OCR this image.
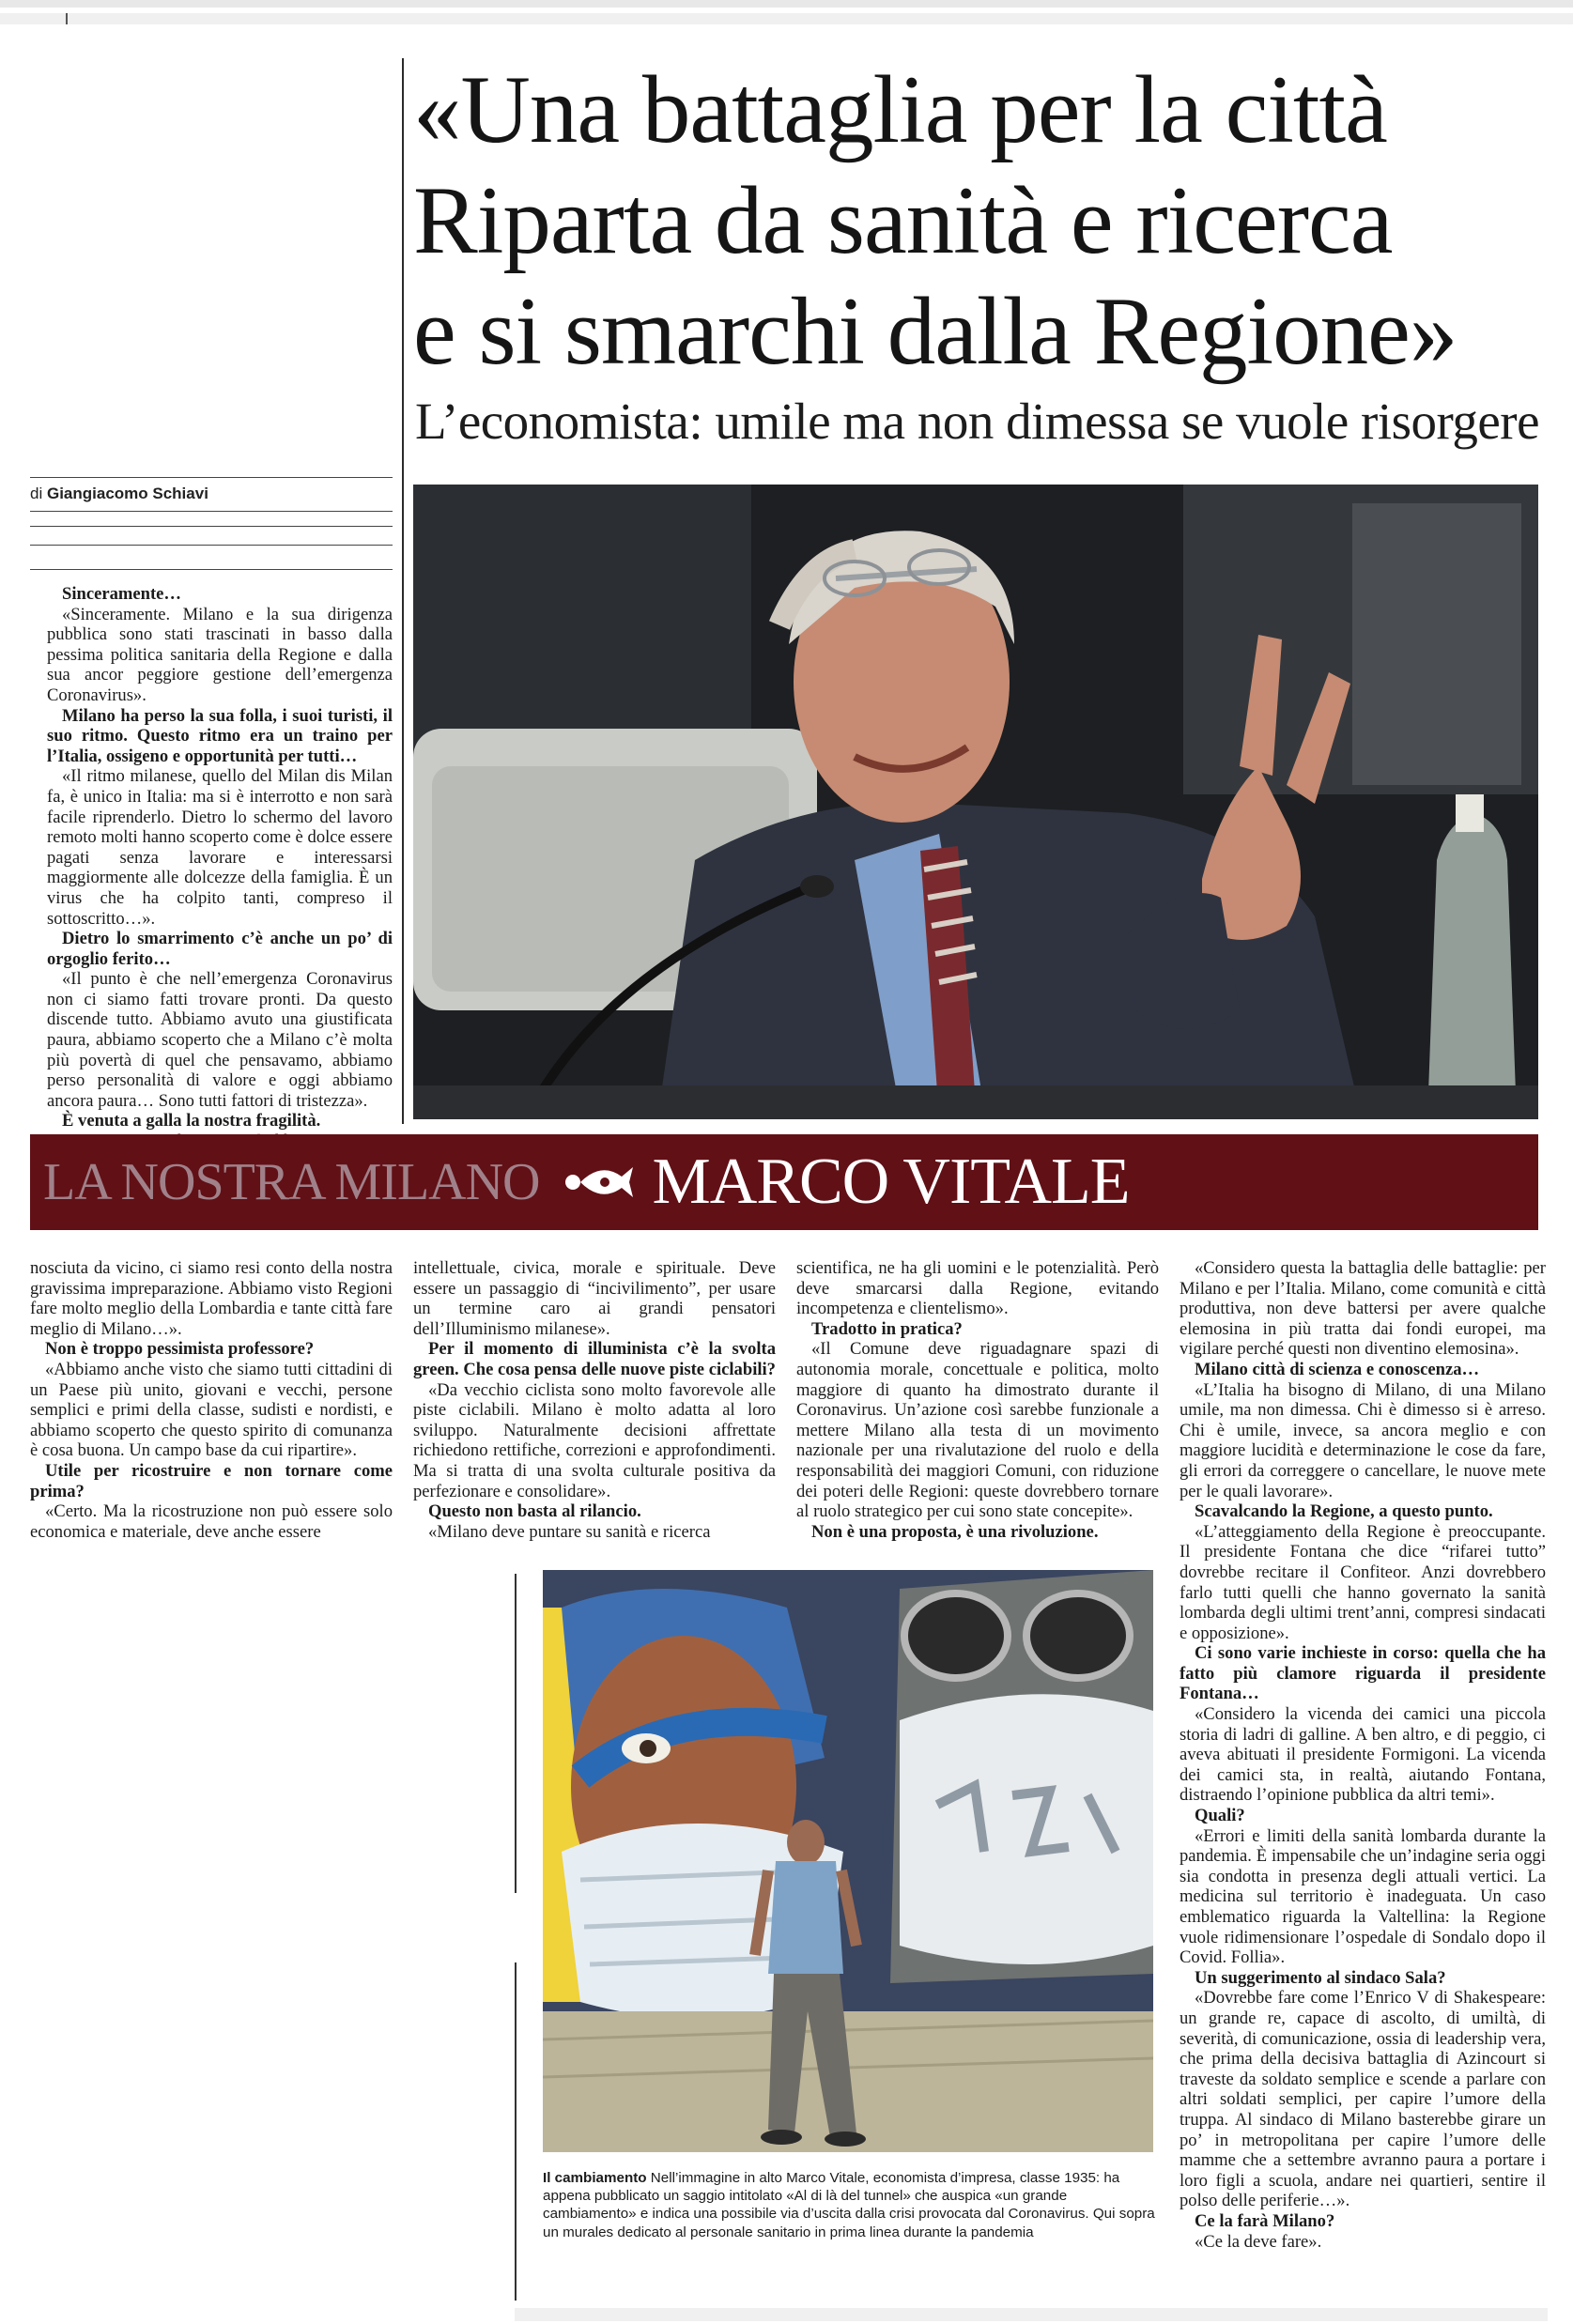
«Una battaglia per la città
Riparta da sanità e ricerca
e si smarchi dalla Regione»
L’economista: umile ma non dimessa se vuole risorgere
di Giangiacomo Schiavi

Sinceramente…

«Sinceramente. Milano e la sua dirigenza pubblica sono stati trascinati in basso dalla pessima politica sanitaria della Regione e dalla sua ancor peggiore gestione dell’emergenza Coronavirus».

Milano ha perso la sua folla, i suoi turisti, il suo ritmo. Questo ritmo era un traino per l’Italia, ossigeno e opportunità per tutti…

«Il ritmo milanese, quello del Milan dis Milan fa, è unico in Italia: ma si è interrotto e non sarà facile riprenderlo. Dietro lo schermo del lavoro remoto molti hanno scoperto come è dolce essere pagati senza lavorare e interessarsi maggiormente alle dolcezze della famiglia. È un virus che ha colpito tanti, compreso il sottoscritto…».

Dietro lo smarrimento c’è anche un po’ di orgoglio ferito…

«Il punto è che nell’emergenza Coronavirus non ci siamo fatti trovare pronti. Da questo discende tutto. Abbiamo avuto una giustificata paura, abbiamo scoperto che a Milano c’è molta più povertà di quel che pensavamo, abbiamo perso personalità di valore e oggi abbiamo ancora paura… Sono tutti fattori di tristezza».

È venuta a galla la nostra fragilità.

LA NOSTRA MILANO MARCO VITALE

nosciuta da vicino, ci siamo resi conto della nostra gravissima impreparazione. Abbiamo visto Regioni fare molto meglio della Lombardia e tante città fare meglio di Milano…».

Non è troppo pessimista professore?

«Abbiamo anche visto che siamo tutti cittadini di un Paese più unito, giovani e vecchi, persone semplici e primi della classe, sudisti e nordisti, e abbiamo scoperto che questo spirito di comunanza è cosa buona. Un campo base da cui ripartire».

Utile per ricostruire e non tornare come prima?

«Certo. Ma la ricostruzione non può essere solo economica e materiale, deve anche essere

intellettuale, civica, morale e spirituale. Deve essere un passaggio di “incivilimento”, per usare un termine caro ai grandi pensatori dell’Illuminismo milanese».

Per il momento di illuminista c’è la svolta green. Che cosa pensa delle nuove piste ciclabili?

«Da vecchio ciclista sono molto favorevole alle piste ciclabili. Milano è molto adatta al loro sviluppo. Naturalmente decisioni affrettate richiedono rettifiche, correzioni e approfondimenti. Ma si tratta di una svolta culturale positiva da perfezionare e consolidare».

Questo non basta al rilancio.

«Milano deve puntare su sanità e ricerca

scientifica, ne ha gli uomini e le potenzialità. Però deve smarcarsi dalla Regione, evitando incompetenza e clientelismo».

Tradotto in pratica?

«Il Comune deve riguadagnare spazi di autonomia morale, concettuale e politica, molto maggiore di quanto ha dimostrato durante il Coronavirus. Un’azione così sarebbe funzionale a mettere Milano alla testa di un movimento nazionale per una rivalutazione del ruolo e della responsabilità dei maggiori Comuni, con riduzione dei poteri delle Regioni: queste dovrebbero tornare al ruolo strategico per cui sono state concepite».

Non è una proposta, è una rivoluzione.

«Considero questa la battaglia delle battaglie: per Milano e per l’Italia. Milano, come comunità e città produttiva, non deve battersi per avere qualche elemosina in più tratta dai fondi europei, ma vigilare perché questi non diventino elemosina».

Milano città di scienza e conoscenza…

«L’Italia ha bisogno di Milano, di una Milano umile, ma non dimessa. Chi è dimesso si è arreso. Chi è umile, invece, sa ancora meglio e con maggiore lucidità e determinazione le cose da fare, gli errori da correggere o cancellare, le nuove mete per le quali lavorare».

Scavalcando la Regione, a questo punto.

«L’atteggiamento della Regione è preoccupante. Il presidente Fontana che dice “rifarei tutto” dovrebbe recitare il Confiteor. Anzi dovrebbero farlo tutti quelli che hanno governato la sanità lombarda degli ultimi trent’anni, compresi sindacati e opposizione».

Ci sono varie inchieste in corso: quella che ha fatto più clamore riguarda il presidente Fontana…

«Considero la vicenda dei camici una piccola storia di ladri di galline. A ben altro, e di peggio, ci aveva abituati il presidente Formigoni. La vicenda dei camici sta, in realtà, aiutando Fontana, distraendo l’opinione pubblica da altri temi».

Quali?

«Errori e limiti della sanità lombarda durante la pandemia. È impensabile che un’indagine seria oggi sia condotta in presenza degli attuali vertici. La medicina sul territorio è inadeguata. Un caso emblematico riguarda la Valtellina: la Regione vuole ridimensionare l’ospedale di Sondalo dopo il Covid. Follia».

Un suggerimento al sindaco Sala?

«Dovrebbe fare come l’Enrico V di Shakespeare: un grande re, capace di ascolto, di umiltà, di severità, di comunicazione, ossia di leadership vera, che prima della decisiva battaglia di Azincourt si traveste da soldato semplice e scende a parlare con altri soldati semplici, per capire l’umore della truppa. Al sindaco di Milano basterebbe girare un po’ in metropolitana per capire l’umore delle mamme che a settembre avranno paura a portare i loro figli a scuola, andare nei quartieri, sentire il polso delle periferie…».

Ce la farà Milano?

«Ce la deve fare».

Il cambiamento Nell’immagine in alto Marco Vitale, economista d’impresa, classe 1935: ha appena pubblicato un saggio intitolato «Al di là del tunnel» che auspica «un grande cambiamento» e indica una possibile via d’uscita dalla crisi provocata dal Coronavirus. Qui sopra un murales dedicato al personale sanitario in prima linea durante la pandemia
